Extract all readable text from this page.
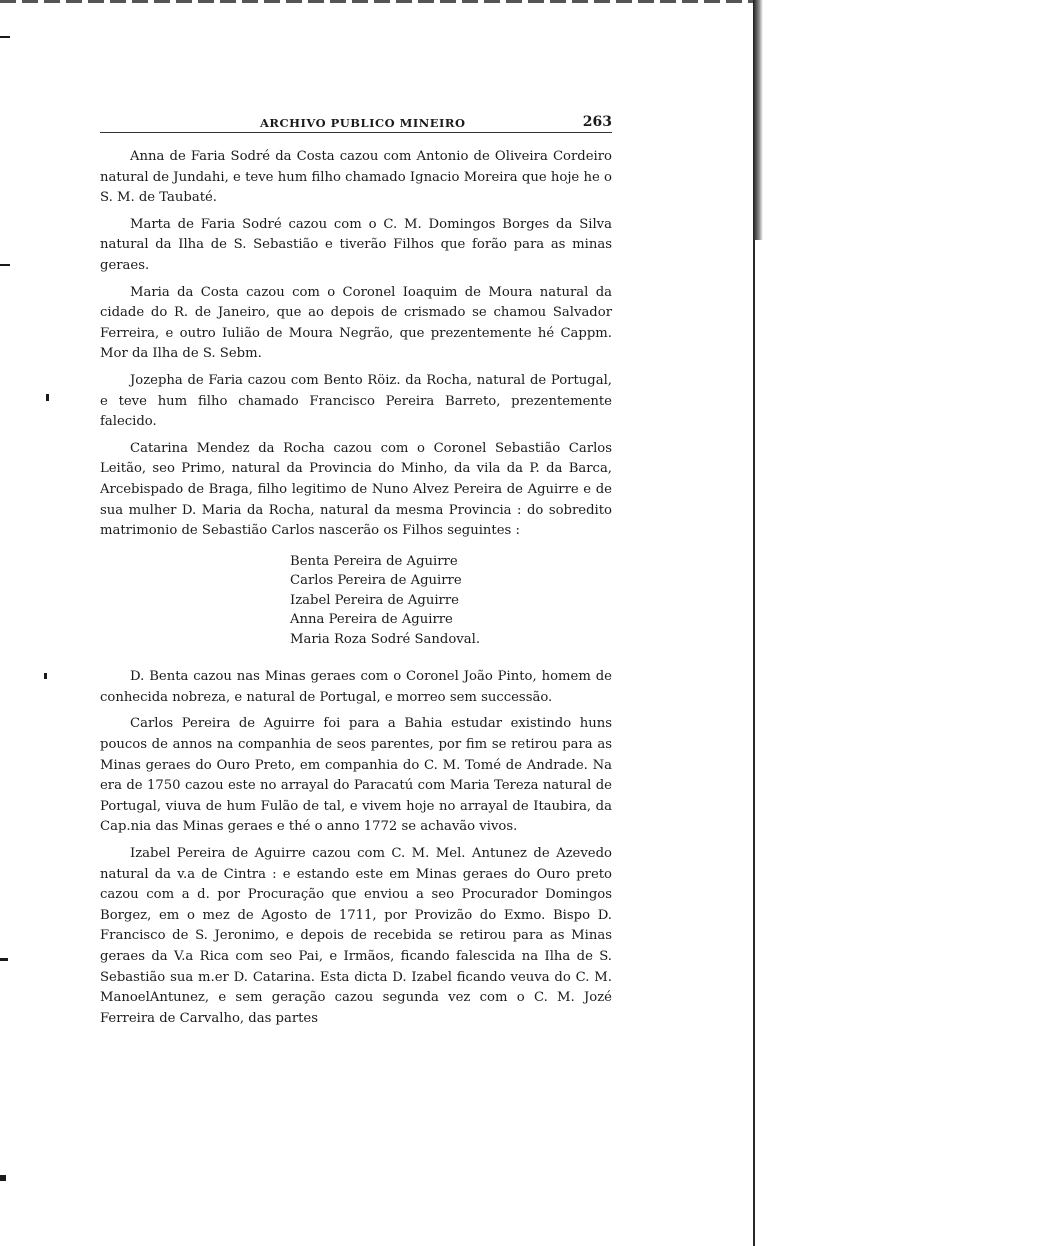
ARCHIVO PUBLICO MINEIRO	263

Anna de Faria Sodré da Costa cazou com Antonio de Oliveira Cordeiro natural de Jundahi, e teve hum filho chamado Ignacio Moreira que hoje he o S. M. de Taubaté.

Marta de Faria Sodré cazou com o C. M. Domingos Borges da Silva natural da Ilha de S. Sebastião e tiverão Filhos que forão para as minas geraes.

Maria da Costa cazou com o Coronel Ioaquim de Moura natural da cidade do R. de Janeiro, que ao depois de crismado se chamou Salvador Ferreira, e outro Iulião de Moura Negrão, que prezentemente hé Cappm. Mor da Ilha de S. Sebm.

Jozepha de Faria cazou com Bento Röiz. da Rocha, natural de Portugal, e teve hum filho chamado Francisco Pereira Barreto, prezentemente falecido.

Catarina Mendez da Rocha cazou com o Coronel Sebastião Carlos Leitão, seo Primo, natural da Provincia do Minho, da vila da P. da Barca, Arcebispado de Braga, filho legitimo de Nuno Alvez Pereira de Aguirre e de sua mulher D. Maria da Rocha, natural da mesma Provincia : do sobredito matrimonio de Sebastião Carlos nascerão os Filhos seguintes :

Benta Pereira de Aguirre
Carlos Pereira de Aguirre
Izabel Pereira de Aguirre
Anna Pereira de Aguirre
Maria Roza Sodré Sandoval.

D. Benta cazou nas Minas geraes com o Coronel João Pinto, homem de conhecida nobreza, e natural de Portugal, e morreo sem successão.

Carlos Pereira de Aguirre foi para a Bahia estudar existindo huns poucos de annos na companhia de seos parentes, por fim se retirou para as Minas geraes do Ouro Preto, em companhia do C. M. Tomé de Andrade. Na era de 1750 cazou este no arrayal do Paracatú com Maria Tereza natural de Portugal, viuva de hum Fulão de tal, e vivem hoje no arrayal de Itaubira, da Cap.nia das Minas geraes e thé o anno 1772 se achavão vivos.

Izabel Pereira de Aguirre cazou com C. M. Mel. Antunez de Azevedo natural da v.a de Cintra : e estando este em Minas geraes do Ouro preto cazou com a d. por Procuração que enviou a seo Procurador Domingos Borgez, em o mez de Agosto de 1711, por Provizão do Exmo. Bispo D. Francisco de S. Jeronimo, e depois de recebida se retirou para as Minas geraes da V.a Rica com seo Pai, e Irmãos, ficando falescida na Ilha de S. Sebastião sua m.er D. Catarina. Esta dicta D. Izabel ficando veuva do C. M. ManoelAntunez, e sem geração cazou segunda vez com o C. M. Jozé Ferreira de Carvalho, das partes
